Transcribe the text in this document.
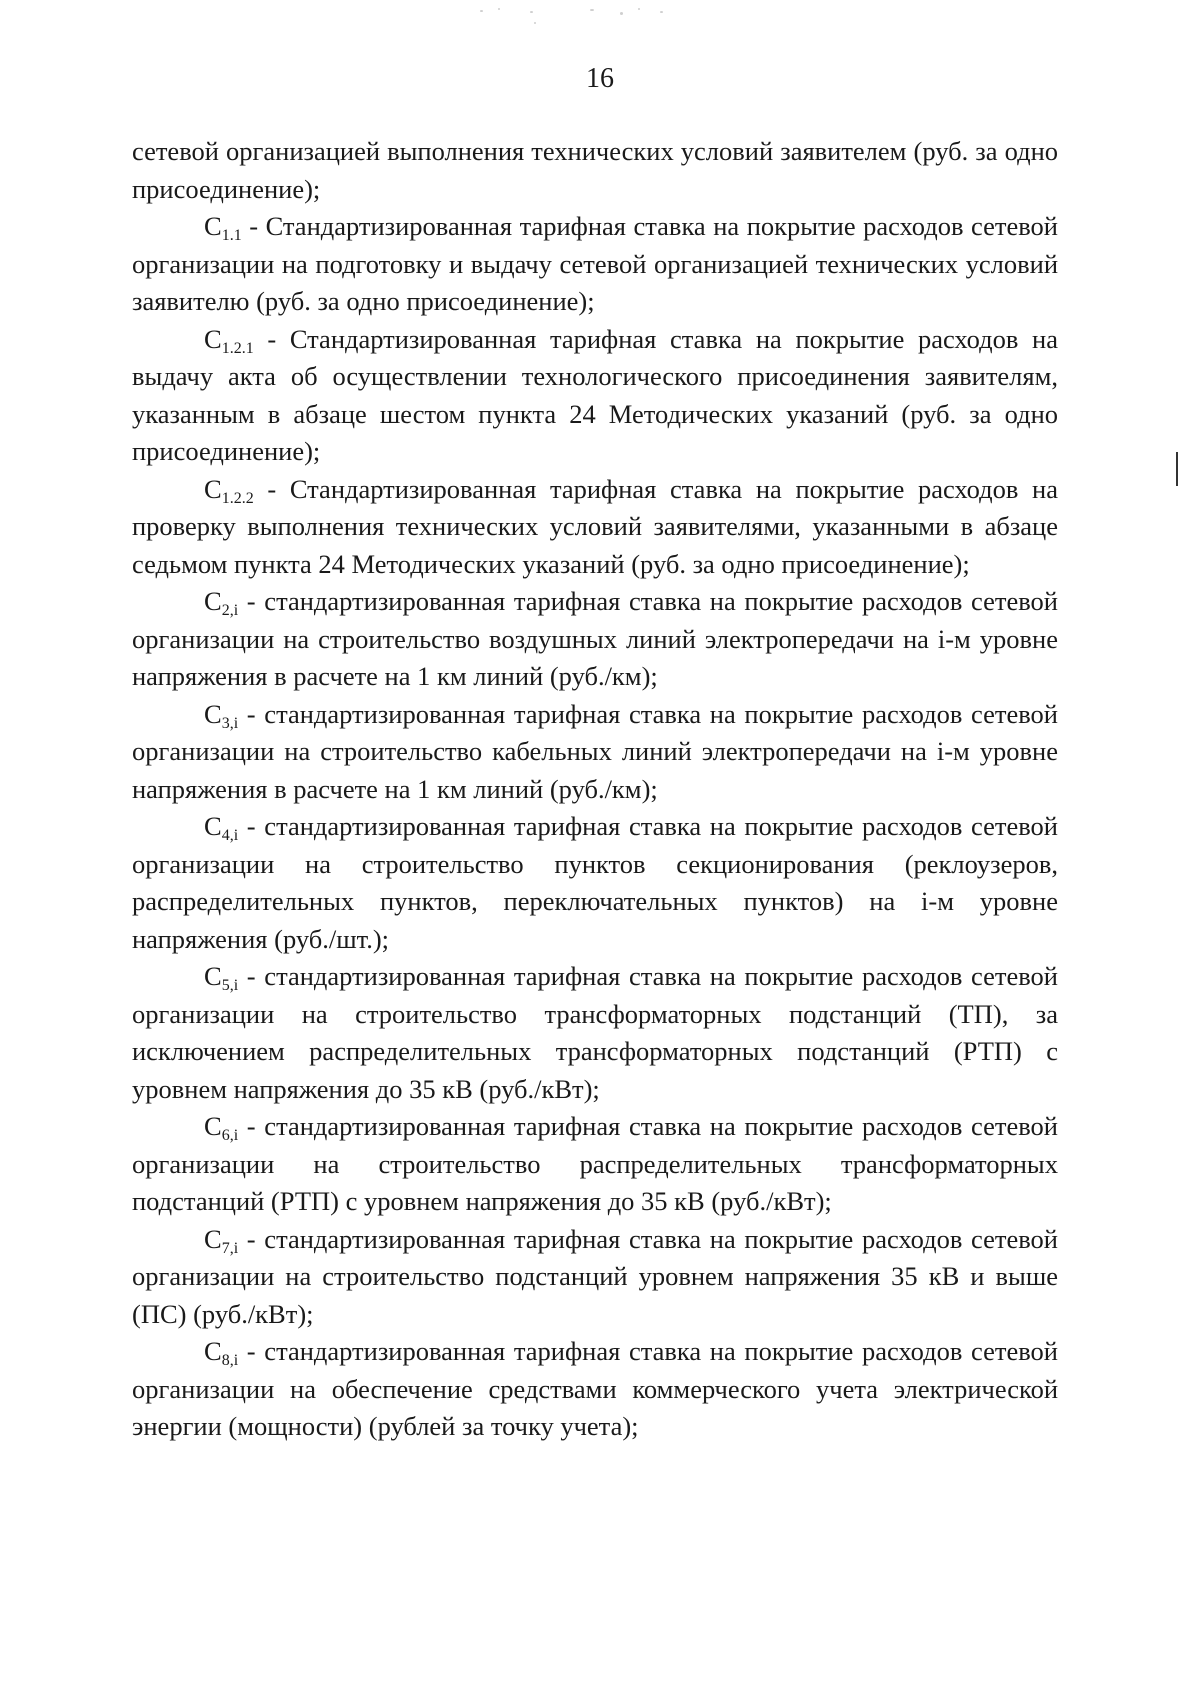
16

сетевой организацией выполнения технических условий заявителем (руб. за одно присоединение);

$С_{1.1}$ - Стандартизированная тарифная ставка на покрытие расходов сетевой организации на подготовку и выдачу сетевой организацией технических условий заявителю (руб. за одно присоединение);

$С_{1.2.1}$ - Стандартизированная тарифная ставка на покрытие расходов на выдачу акта об осуществлении технологического присоединения заявителям, указанным в абзаце шестом пункта 24 Методических указаний (руб. за одно присоединение);

$С_{1.2.2}$ - Стандартизированная тарифная ставка на покрытие расходов на проверку выполнения технических условий заявителями, указанными в абзаце седьмом пункта 24 Методических указаний (руб. за одно присоединение);

$С_{2,i}$ - стандартизированная тарифная ставка на покрытие расходов сетевой организации на строительство воздушных линий электропередачи на i-м уровне напряжения в расчете на 1 км линий (руб./км);

$С_{3,i}$ - стандартизированная тарифная ставка на покрытие расходов сетевой организации на строительство кабельных линий электропередачи на i-м уровне напряжения в расчете на 1 км линий (руб./км);

$С_{4,i}$ - стандартизированная тарифная ставка на покрытие расходов сетевой организации на строительство пунктов секционирования (реклоузеров, распределительных пунктов, переключательных пунктов) на i-м уровне напряжения (руб./шт.);

$С_{5,i}$ - стандартизированная тарифная ставка на покрытие расходов сетевой организации на строительство трансформаторных подстанций (ТП), за исключением распределительных трансформаторных подстанций (РТП) с уровнем напряжения до 35 кВ (руб./кВт);

$С_{6,i}$ - стандартизированная тарифная ставка на покрытие расходов сетевой организации на строительство распределительных трансформаторных подстанций (РТП) с уровнем напряжения до 35 кВ (руб./кВт);

$С_{7,i}$ - стандартизированная тарифная ставка на покрытие расходов сетевой организации на строительство подстанций уровнем напряжения 35 кВ и выше (ПС) (руб./кВт);

$С_{8,i}$ - стандартизированная тарифная ставка на покрытие расходов сетевой организации на обеспечение средствами коммерческого учета электрической энергии (мощности) (рублей за точку учета);
